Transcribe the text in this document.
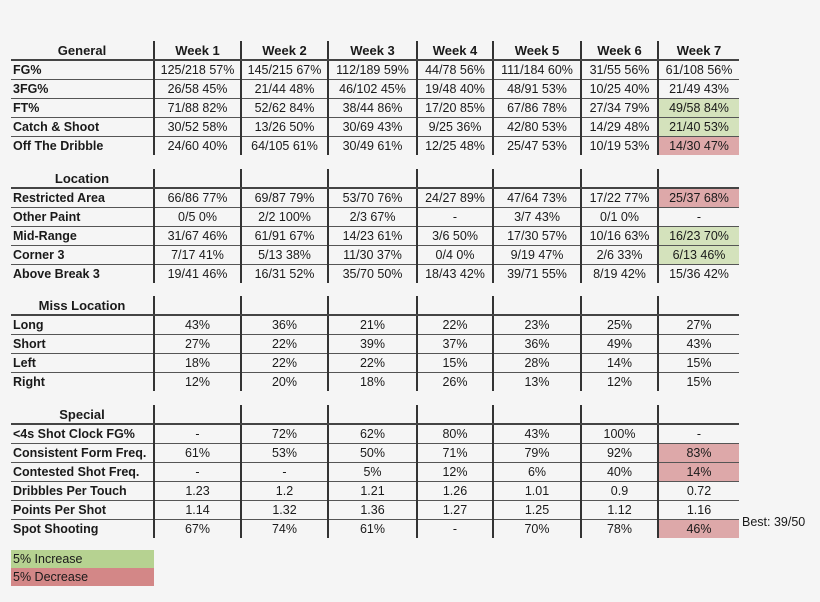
General	Week 1	Week 2	Week 3	Week 4	Week 5	Week 6	Week 7
FG%	125/218 57%	145/215 67%	112/189 59%	44/78 56%	111/184 60%	31/55 56%	61/108 56%
3FG%	26/58 45%	21/44 48%	46/102 45%	19/48 40%	48/91 53%	10/25 40%	21/49 43%
FT%	71/88 82%	52/62 84%	38/44 86%	17/20 85%	67/86 78%	27/34 79%	49/58 84%
Catch & Shoot	30/52 58%	13/26 50%	30/69 43%	9/25 36%	42/80 53%	14/29 48%	21/40 53%
Off The Dribble	24/60 40%	64/105 61%	30/49 61%	12/25 48%	25/47 53%	10/19 53%	14/30 47%
Location							
Restricted Area	66/86 77%	69/87 79%	53/70 76%	24/27 89%	47/64 73%	17/22 77%	25/37 68%
Other Paint	0/5 0%	2/2 100%	2/3 67%	-	3/7 43%	0/1 0%	-
Mid-Range	31/67 46%	61/91 67%	14/23 61%	3/6 50%	17/30 57%	10/16 63%	16/23 70%
Corner 3	7/17 41%	5/13 38%	11/30 37%	0/4 0%	9/19 47%	2/6 33%	6/13 46%
Above Break 3	19/41 46%	16/31 52%	35/70 50%	18/43 42%	39/71 55%	8/19 42%	15/36 42%
Miss Location							
Long	43%	36%	21%	22%	23%	25%	27%
Short	27%	22%	39%	37%	36%	49%	43%
Left	18%	22%	22%	15%	28%	14%	15%
Right	12%	20%	18%	26%	13%	12%	15%
Special							
<4s Shot Clock FG%	-	72%	62%	80%	43%	100%	-
Consistent Form Freq.	61%	53%	50%	71%	79%	92%	83%
Contested Shot Freq.	-	-	5%	12%	6%	40%	14%
Dribbles Per Touch	1.23	1.2	1.21	1.26	1.01	0.9	0.72
Points Per Shot	1.14	1.32	1.36	1.27	1.25	1.12	1.16
Spot Shooting	67%	74%	61%	-	70%	78%	46% Best: 39/50
5% Increase
5% Decrease
